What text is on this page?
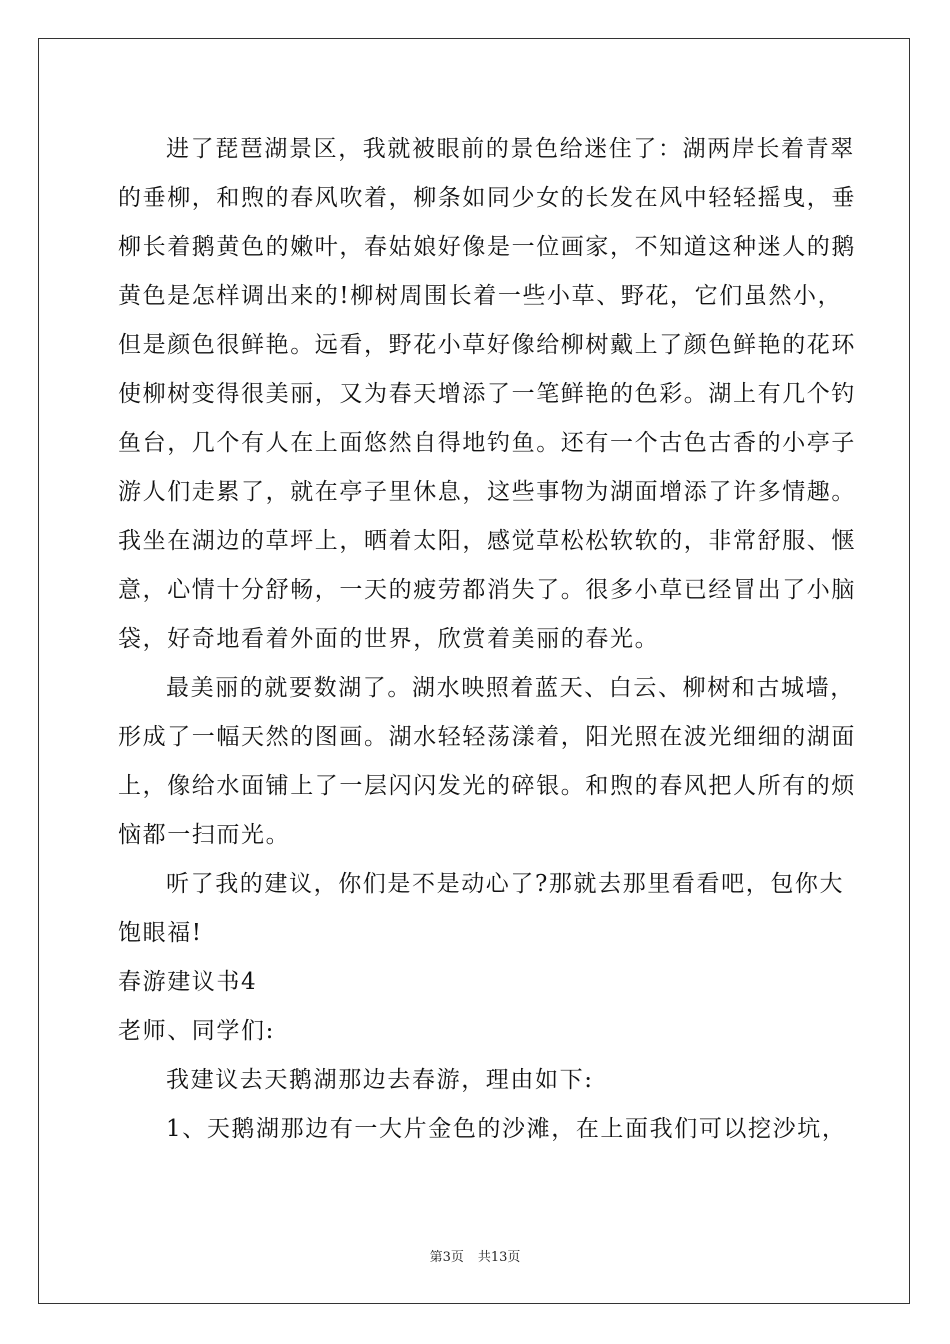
进了琵琶湖景区，我就被眼前的景色给迷住了：湖两岸长着青翠
的垂柳，和煦的春风吹着，柳条如同少女的长发在风中轻轻摇曳，垂
柳长着鹅黄色的嫩叶，春姑娘好像是一位画家，不知道这种迷人的鹅
黄色是怎样调出来的!柳树周围长着一些小草、野花，它们虽然小，
但是颜色很鲜艳。远看，野花小草好像给柳树戴上了颜色鲜艳的花环
使柳树变得很美丽，又为春天增添了一笔鲜艳的色彩。湖上有几个钓
鱼台，几个有人在上面悠然自得地钓鱼。还有一个古色古香的小亭子
游人们走累了，就在亭子里休息，这些事物为湖面增添了许多情趣。
我坐在湖边的草坪上，晒着太阳，感觉草松松软软的，非常舒服、惬
意，心情十分舒畅，一天的疲劳都消失了。很多小草已经冒出了小脑
袋，好奇地看着外面的世界，欣赏着美丽的春光。
最美丽的就要数湖了。湖水映照着蓝天、白云、柳树和古城墙，
形成了一幅天然的图画。湖水轻轻荡漾着，阳光照在波光细细的湖面
上，像给水面铺上了一层闪闪发光的碎银。和煦的春风把人所有的烦
恼都一扫而光。
听了我的建议，你们是不是动心了?那就去那里看看吧，包你大
饱眼福!
春游建议书4
老师、同学们:
我建议去天鹅湖那边去春游，理由如下:
1、天鹅湖那边有一大片金色的沙滩，在上面我们可以挖沙坑，
第3页 共13页
